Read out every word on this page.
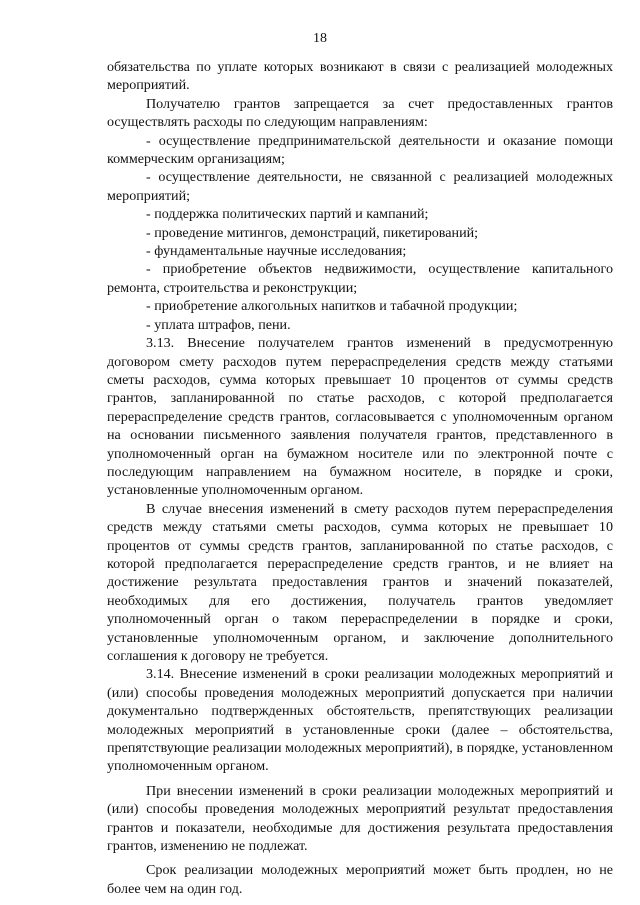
18

обязательства по уплате которых возникают в связи с реализацией молодежных мероприятий.

Получателю грантов запрещается за счет предоставленных грантов осуществлять расходы по следующим направлениям:

- осуществление предпринимательской деятельности и оказание помощи коммерческим организациям;

- осуществление деятельности, не связанной с реализацией молодежных мероприятий;

- поддержка политических партий и кампаний;

- проведение митингов, демонстраций, пикетирований;

- фундаментальные научные исследования;

- приобретение объектов недвижимости, осуществление капитального ремонта, строительства и реконструкции;

- приобретение алкогольных напитков и табачной продукции;

- уплата штрафов, пени.

3.13. Внесение получателем грантов изменений в предусмотренную договором смету расходов путем перераспределения средств между статьями сметы расходов, сумма которых превышает 10 процентов от суммы средств грантов, запланированной по статье расходов, с которой предполагается перераспределение средств грантов, согласовывается с уполномоченным органом на основании письменного заявления получателя грантов, представленного в уполномоченный орган на бумажном носителе или по электронной почте с последующим направлением на бумажном носителе, в порядке и сроки, установленные уполномоченным органом.

В случае внесения изменений в смету расходов путем перераспределения средств между статьями сметы расходов, сумма которых не превышает 10 процентов от суммы средств грантов, запланированной по статье расходов, с которой предполагается перераспределение средств грантов, и не влияет на достижение результата предоставления грантов и значений показателей, необходимых для его достижения, получатель грантов уведомляет уполномоченный орган о таком перераспределении в порядке и сроки, установленные уполномоченным органом, и заключение дополнительного соглашения к договору не требуется.

3.14. Внесение изменений в сроки реализации молодежных мероприятий и (или) способы проведения молодежных мероприятий допускается при наличии документально подтвержденных обстоятельств, препятствующих реализации молодежных мероприятий в установленные сроки (далее – обстоятельства, препятствующие реализации молодежных мероприятий), в порядке, установленном уполномоченным органом.

При внесении изменений в сроки реализации молодежных мероприятий и (или) способы проведения молодежных мероприятий результат предоставления грантов и показатели, необходимые для достижения результата предоставления грантов, изменению не подлежат.

Срок реализации молодежных мероприятий может быть продлен, но не более чем на один год.
